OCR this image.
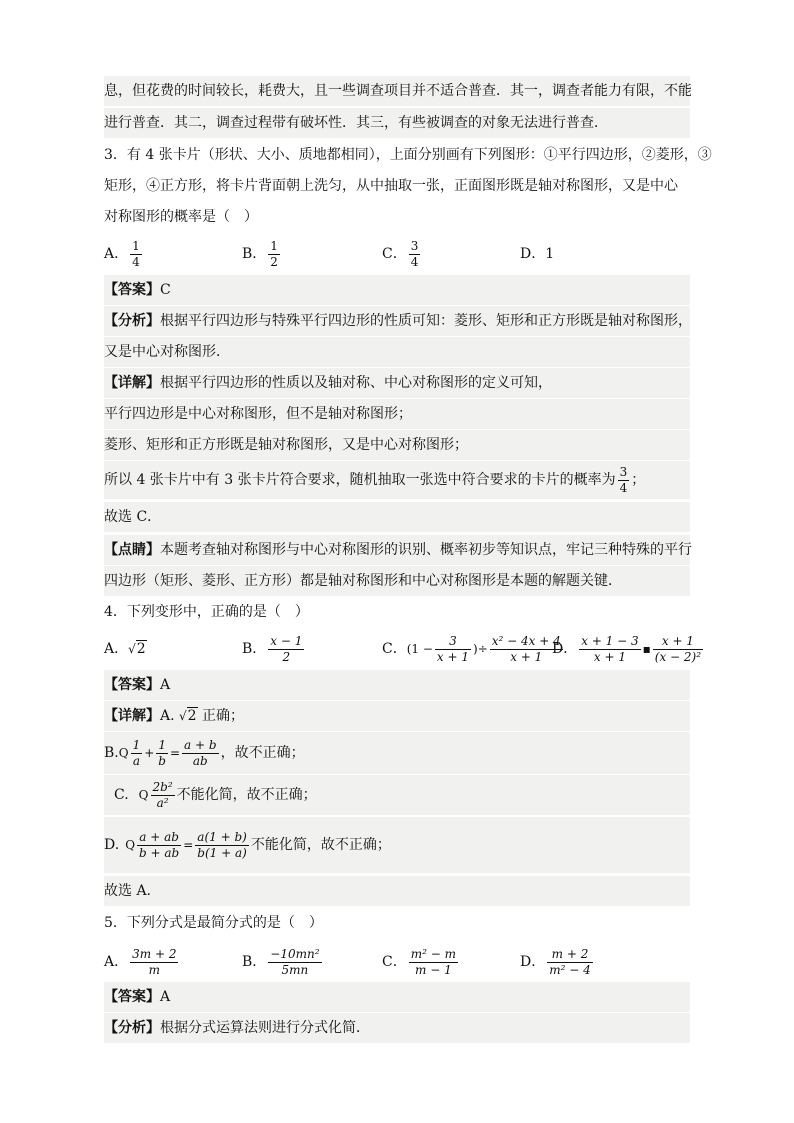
息，但花费的时间较长，耗费大，且一些调查项目并不适合普查．其一，调查者能力有限，不能
进行普查．其二，调查过程带有破坏性．其三，有些被调查的对象无法进行普查．
3．有 4 张卡片（形状、大小、质地都相同），上面分别画有下列图形：①平行四边形，②菱形，③
矩形，④正方形，将卡片背面朝上洗匀，从中抽取一张，正面图形既是轴对称图形，又是中心
对称图形的概率是（　）
A． $\frac{1}{4}$	B． $\frac{1}{2}$	C． $\frac{3}{4}$	D．1
【答案】C
【分析】根据平行四边形与特殊平行四边形的性质可知：菱形、矩形和正方形既是轴对称图形，
又是中心对称图形．
【详解】根据平行四边形的性质以及轴对称、中心对称图形的定义可知，
平行四边形是中心对称图形，但不是轴对称图形；
菱形、矩形和正方形既是轴对称图形，又是中心对称图形；
所以 4 张卡片中有 3 张卡片符合要求，随机抽取一张选中符合要求的卡片的概率为 $\frac{3}{4}$ ；
故选 C．
【点睛】本题考查轴对称图形与中心对称图形的识别、概率初步等知识点，牢记三种特殊的平行
四边形（矩形、菱形、正方形）都是轴对称图形和中心对称图形是本题的解题关键．
4．下列变形中，正确的是（　）
A．√2	B． $\frac{x - 1}{2}$	C．($1 - \frac{3}{x + 1}$ )÷ $\frac{\text{x² − 4x + 4}}{x + 1}$
D． $\frac{x + 1 - 3}{x + 1}$ ▪ $\frac{x + 1}{\text{(x − 2)²}}$
【答案】A
【详解】A. √2 正确；
$B.Q \frac{1}{a} + \frac{1}{b} = \frac{a + b}{ab}$ ，故不正确；
C. Q $\frac{\text{2b²}}{\text{a²}}$ 不能化简，故不正确；
D. Q $\frac{a + ab}{b + ab} = \frac{a(1 + b)}{b(1 + a)}$ 不能化简，故不正确；
故选 A.
5．下列分式是最简分式的是（　）
A． $\frac{3m + 2}{m}$	B． $\frac{\text{−10mn²}}{5mn}$	C． $\frac{\text{m² − m}}{m - 1}$	D． $\frac{m + 2}{\text{m² − 4}}$
【答案】A
【分析】根据分式运算法则进行分式化简．
